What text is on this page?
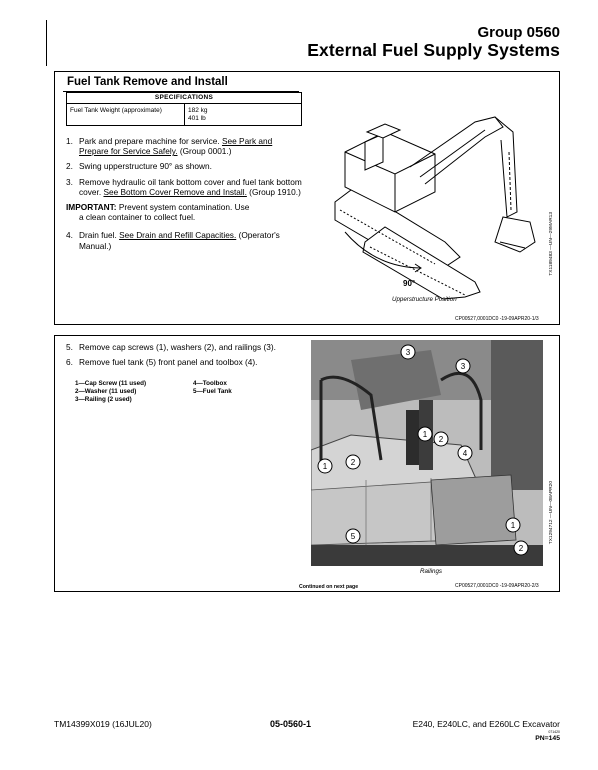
Group 0560
External Fuel Supply Systems
Fuel Tank Remove and Install
SPECIFICATIONS
Fuel Tank Weight (approximate)	182 kg
401 lb
1. Park and prepare machine for service. See Park and Prepare for Service Safely. (Group 0001.)
2. Swing upperstructure 90° as shown.
3. Remove hydraulic oil tank bottom cover and fuel tank bottom cover. See Bottom Cover Remove and Install. (Group 1910.)
IMPORTANT: Prevent system contamination. Use
a clean container to collect fuel.
4. Drain fuel. See Drain and Refill Capacities. (Operator's Manual.)
90°
TX1189483 —UN—29MAR13
Upperstructure Position
CP00527,0001DC0 -19-09APR20-1/3
5. Remove cap screws (1), washers (2), and railings (3).
6. Remove fuel tank (5) front panel and toolbox (4).
1—Cap Screw (11 used)	4—Toolbox
2—Washer (11 used)	5—Fuel Tank
3—Railing (2 used)
3
3
1	2
1
2
4
5
1
2
TX1294712 —UN—08APR20
Railings
Continued on next page	CP00527,0001DC0 -19-09APR20-2/3
TM14399X019 (16JUL20)	05-0560-1	E240, E240LC, and E260LC Excavator
071420
PN=145
